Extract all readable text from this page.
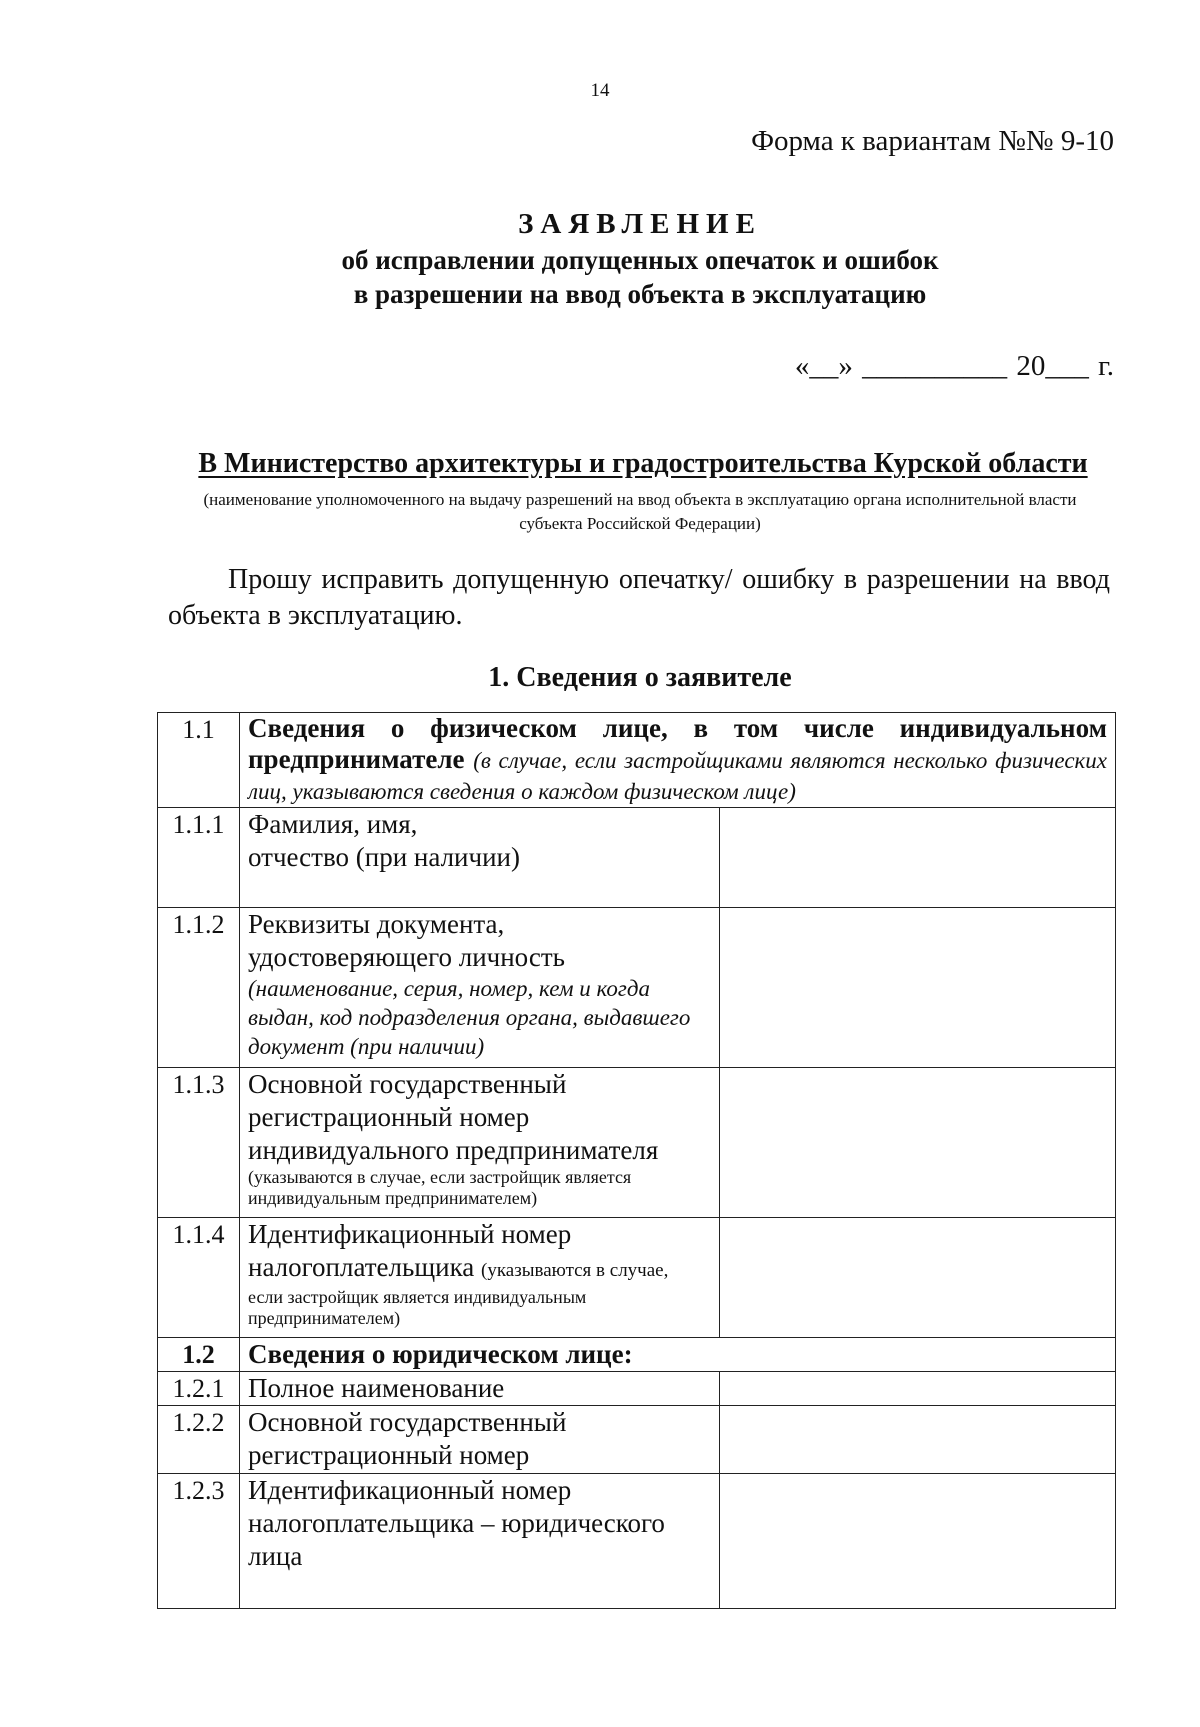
14
Форма к вариантам №№ 9-10
ЗАЯВЛЕНИЕ
об исправлении допущенных опечаток и ошибок
в разрешении на ввод объекта в эксплуатацию
«__» __________ 20___ г.
В Министерство архитектуры и градостроительства Курской области
(наименование уполномоченного на выдачу разрешений на ввод объекта в эксплуатацию органа исполнительной власти субъекта Российской Федерации)
Прошу исправить допущенную опечатку/ ошибку в разрешении на ввод объекта в эксплуатацию.
1. Сведения о заявителе
1.1	Сведения о физическом лице, в том числе индивидуальном предпринимателе (в случае, если застройщиками являются несколько физических лиц, указываются сведения о каждом физическом лице)	
1.1.1	Фамилия, имя,
отчество (при наличии)	

1.1.2	Реквизиты документа, удостоверяющего личность
(наименование, серия, номер, кем и когда выдан, код подразделения органа, выдавшего документ (при наличии)	

1.1.3	Основной государственный регистрационный номер индивидуального предпринимателя
(указываются в случае, если застройщик является индивидуальным предпринимателем)	

1.1.4	Идентификационный номер налогоплательщика (указываются в случае,
если застройщик является индивидуальным предпринимателем)	

1.2	Сведения о юридическом лице:	
1.2.1	Полное наименование	
1.2.2	Основной государственный регистрационный номер	
1.2.3	Идентификационный номер налогоплательщика – юридического лица	
